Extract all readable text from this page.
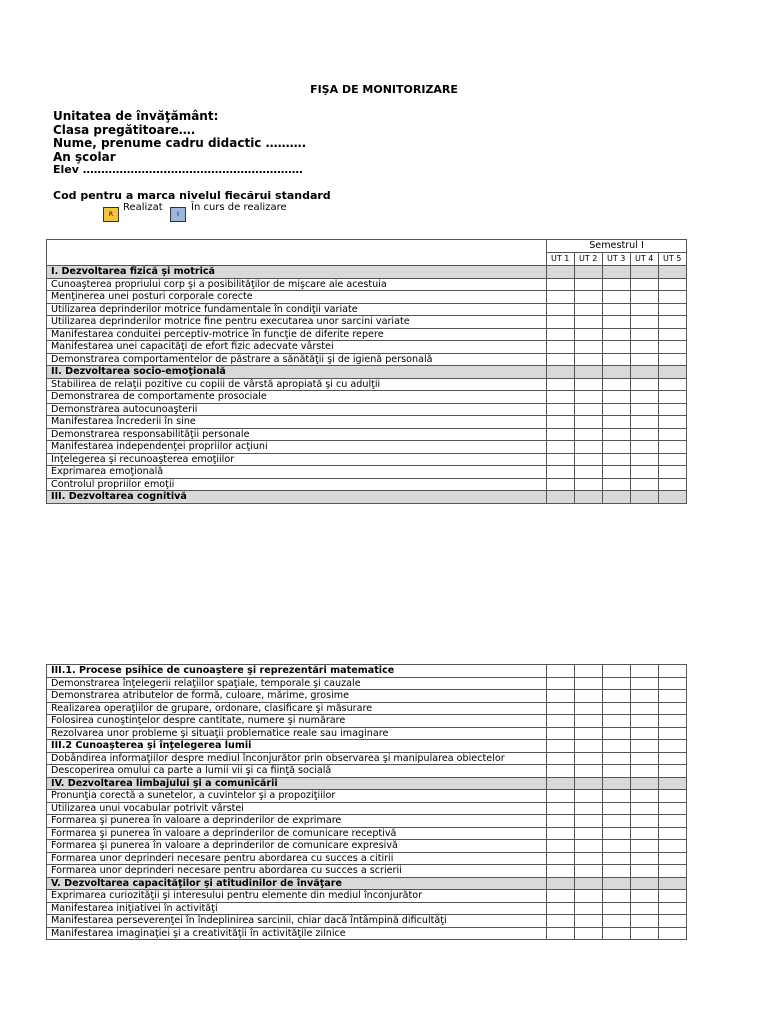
FIŞA DE MONITORIZARE
Unitatea de învăţământ:
Clasa pregătitoare….
Nume, prenume cadru didactic ……….
An şcolar
Elev ……………………………………………………
Cod pentru a marca nivelul fiecărui standard
R
Realizat
I
În curs de realizare
	Semestrul I				
	UT 1	UT 2	UT 3	UT 4	UT 5
I. Dezvoltarea fizică şi motrică					
Cunoaşterea propriului corp şi a posibilităţilor de mişcare ale acestuia					
Menţinerea unei posturi corporale corecte					
Utilizarea deprinderilor motrice fundamentale în condiţii variate					
Utilizarea deprinderilor motrice fine pentru executarea unor sarcini variate					
Manifestarea conduitei perceptiv-motrice în funcţie de diferite repere					
Manifestarea unei capacităţi de efort fizic adecvate vârstei					
Demonstrarea comportamentelor de păstrare a sănătăţii şi de igienă personală					
II. Dezvoltarea socio-emoţională					
Stabilirea de relaţii pozitive cu copiii de vârstă apropiată şi cu adulţii					
Demonstrarea de comportamente prosociale					
Demonstrarea autocunoaşterii					
Manifestarea încrederii în sine					
Demonstrarea responsabilităţii personale					
Manifestarea independenţei propriilor acţiuni					
Înţelegerea şi recunoaşterea emoţiilor					
Exprimarea emoţională					
Controlul propriilor emoţii					
III. Dezvoltarea cognitivă					
III.1. Procese psihice de cunoaştere şi reprezentări matematice					
Demonstrarea înţelegerii relaţiilor spaţiale, temporale şi cauzale					
Demonstrarea atributelor de formă, culoare, mărime, grosime					
Realizarea operaţiilor de grupare, ordonare, clasificare şi măsurare					
Folosirea cunoştinţelor despre cantitate, numere şi numărare					
Rezolvarea unor probleme şi situaţii problematice reale sau imaginare					
III.2 Cunoaşterea şi înţelegerea lumii					
Dobândirea informaţiilor despre mediul înconjurător prin observarea şi manipularea obiectelor					
Descoperirea omului ca parte a lumii vii şi ca fiinţă socială					
IV. Dezvoltarea limbajului şi a comunicării					
Pronunţia corectă a sunetelor, a cuvintelor şi a propoziţiilor					
Utilizarea unui vocabular potrivit vârstei					
Formarea şi punerea în valoare a deprinderilor de exprimare					
Formarea şi punerea în valoare a deprinderilor de comunicare receptivă					
Formarea şi punerea în valoare a deprinderilor de comunicare expresivă					
Formarea unor deprinderi necesare pentru abordarea cu succes a citirii					
Formarea unor deprinderi necesare pentru abordarea cu succes a scrierii					
V. Dezvoltarea capacităţilor şi atitudinilor de învăţare					
Exprimarea curiozităţii şi interesului pentru elemente din mediul înconjurător					
Manifestarea iniţiativei în activităţi					
Manifestarea perseverenţei în îndeplinirea sarcinii, chiar dacă întâmpină dificultăţi					
Manifestarea imaginaţiei şi a creativităţii în activităţile zilnice					
